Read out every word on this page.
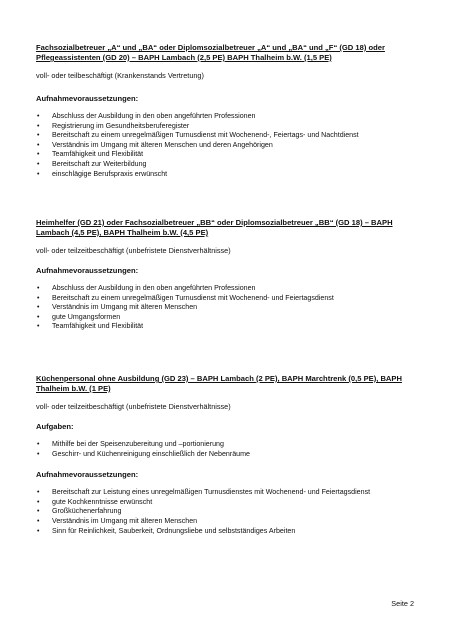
Fachsozialbetreuer „A“ und „BA“ oder Diplomsozialbetreuer „A“ und „BA“ und „F“ (GD 18) oder Pflegeassistenten (GD 20) – BAPH Lambach (2,5 PE) BAPH Thalheim b.W. (1,5 PE)

voll- oder teilbeschäftigt (Krankenstands Vertretung)

Aufnahmevoraussetzungen:

• Abschluss der Ausbildung in den oben angeführten Professionen
• Registrierung im Gesundheitsberuferegister
• Bereitschaft zu einem unregelmäßigen Turnusdienst mit Wochenend-, Feiertags- und Nachtdienst
• Verständnis im Umgang mit älteren Menschen und deren Angehörigen
• Teamfähigkeit und Flexibilität
• Bereitschaft zur Weiterbildung
• einschlägige Berufspraxis erwünscht

Heimhelfer (GD 21) oder Fachsozialbetreuer „BB“ oder Diplomsozialbetreuer „BB“ (GD 18) – BAPH Lambach (4,5 PE), BAPH Thalheim b.W. (4,5 PE)

voll- oder teilzeitbeschäftigt (unbefristete Dienstverhältnisse)

Aufnahmevoraussetzungen:

• Abschluss der Ausbildung in den oben angeführten Professionen
• Bereitschaft zu einem unregelmäßigen Turnusdienst mit Wochenend- und Feiertagsdienst
• Verständnis im Umgang mit älteren Menschen
• gute Umgangsformen
• Teamfähigkeit und Flexibilität

Küchenpersonal ohne Ausbildung (GD 23) – BAPH Lambach (2 PE), BAPH Marchtrenk (0,5 PE), BAPH Thalheim b.W. (1 PE)

voll- oder teilzeitbeschäftigt (unbefristete Dienstverhältnisse)

Aufgaben:

• Mithilfe bei der Speisenzubereitung und –portionierung
• Geschirr- und Küchenreinigung einschließlich der Nebenräume

Aufnahmevoraussetzungen:

• Bereitschaft zur Leistung eines unregelmäßigen Turnusdienstes mit Wochenend- und Feiertagsdienst
• gute Kochkenntnisse erwünscht
• Großküchenerfahrung
• Verständnis im Umgang mit älteren Menschen
• Sinn für Reinlichkeit, Sauberkeit, Ordnungsliebe und selbstständiges Arbeiten
Seite 2
